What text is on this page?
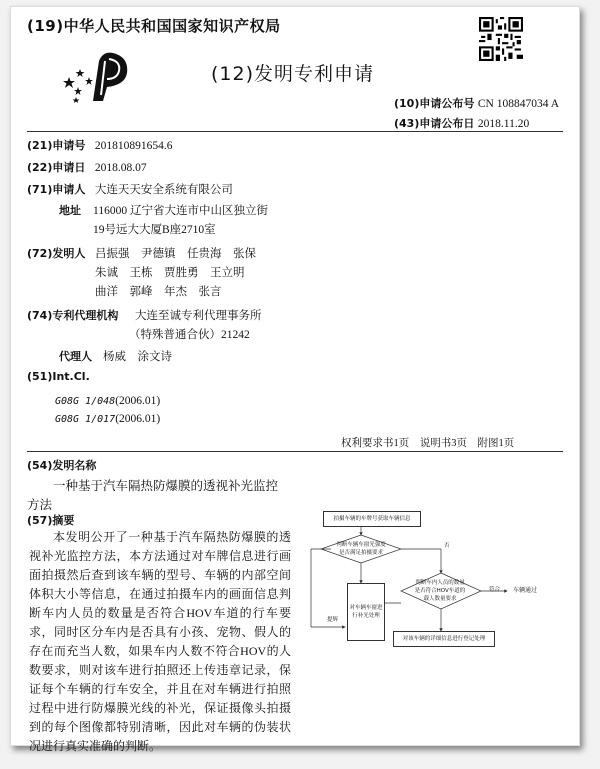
(19)中华人民共和国国家知识产权局
(12)发明专利申请
(10)申请公布号 CN 108847034 A
(43)申请公布日 2018.11.20
(21)申请号 201810891654.6
(22)申请日 2018.08.07
(71)申请人 大连天天安全系统有限公司
地址 116000 辽宁省大连市中山区独立街
19号远大大厦B座2710室
(72)发明人 吕振强　尹德镇　任贵海　张保
朱诚　王栋　贾胜勇　王立明
曲洋　郭峰　年杰　张言
(74)专利代理机构 大连至诚专利代理事务所
（特殊普通合伙）21242
代理人 杨威　涂文诗
(51)Int.Cl.
G08G 1/048(2006.01)
G08G 1/017(2006.01)
权利要求书1页　说明书3页　附图1页
(54)发明名称
一种基于汽车隔热防爆膜的透视补光监控
方法
(57)摘要
本发明公开了一种基于汽车隔热防爆膜的透视补光监控方法，本方法通过对车牌信息进行画面拍摄然后查到该车辆的型号、车辆的内部空间体积大小等信息，在通过拍摄车内的画面信息判断车内人员的数量是否符合HOV车道的行车要求，同时区分车内是否具有小孩、宠物、假人的存在而充当人数，如果车内人数不符合HOV的人数要求，则对该车进行拍照还上传违章记录，保证每个车辆的行车安全，并且在对车辆进行拍照过程中进行防爆膜光线的补光，保证摄像头拍摄到的每个图像都特别清晰，因此对车辆的伪装状况进行真实准确的判断。
拍摄车辆的车牌号获取车辆信息
判断车辆车窗光强度是否满足拍摄要求
对车辆车窗进行补光处理
判断车内人员的数量是否符合HOV车道的载人数量要求
车辆通过
对该车辆的详细信息进行登记处理
否
符合
提辉
